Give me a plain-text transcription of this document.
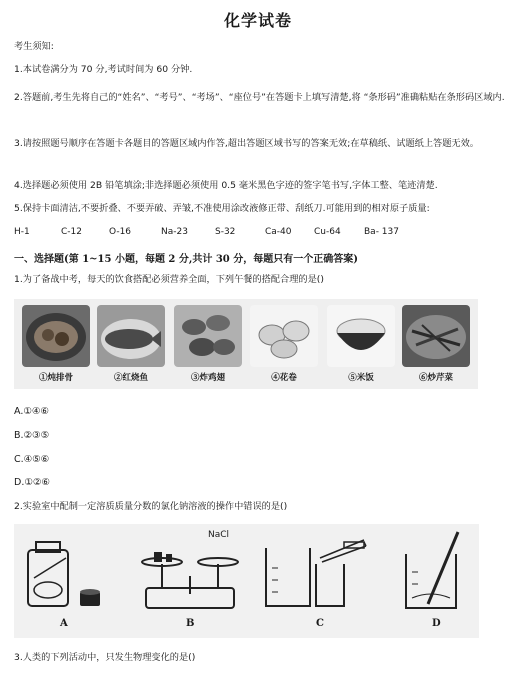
化学试卷
考生须知:
1.本试卷满分为 70 分,考试时间为 60 分钟.
2.答题前,考生先将自己的“姓名”、“考号”、“考场”、“座位号”在答题卡上填写清楚,将 “条形码”准确粘贴在条形码区域内.
3.请按照题号顺序在答题卡各题目的答题区域内作答,超出答题区域书写的答案无效;在草稿纸、试题纸上答题无效。
4.选择题必须使用 2B 铅笔填涂;非选择题必须使用 0.5 毫米黑色字迹的签字笔书写,字体工整、笔迹清楚.
5.保持卡面清洁,不要折叠、不要弄破、弄皱,不准使用涂改液修正带、刮纸刀.可能用到的相对原子质量:
H-1	C-12	O-16	Na-23	S-32	Ca-40	Cu-64	Ba- 137
一、选择题(第 1~15 小题，每题 2 分,共计 30 分，每题只有一个正确答案)
1.为了备战中考，每天的饮食搭配必须营养全面，下列午餐的搭配合理的是()
①炖排骨	②红烧鱼	③炸鸡翅	④花卷	⑤米饭	⑥炒芹菜
A.①④⑥
B.②③⑤
C.④⑤⑥
D.①②⑥
2.实验室中配制一定溶质质量分数的氯化钠溶液的操作中错误的是()
A
NaCl
B	C	D
3.人类的下列活动中，只发生物理变化的是()
